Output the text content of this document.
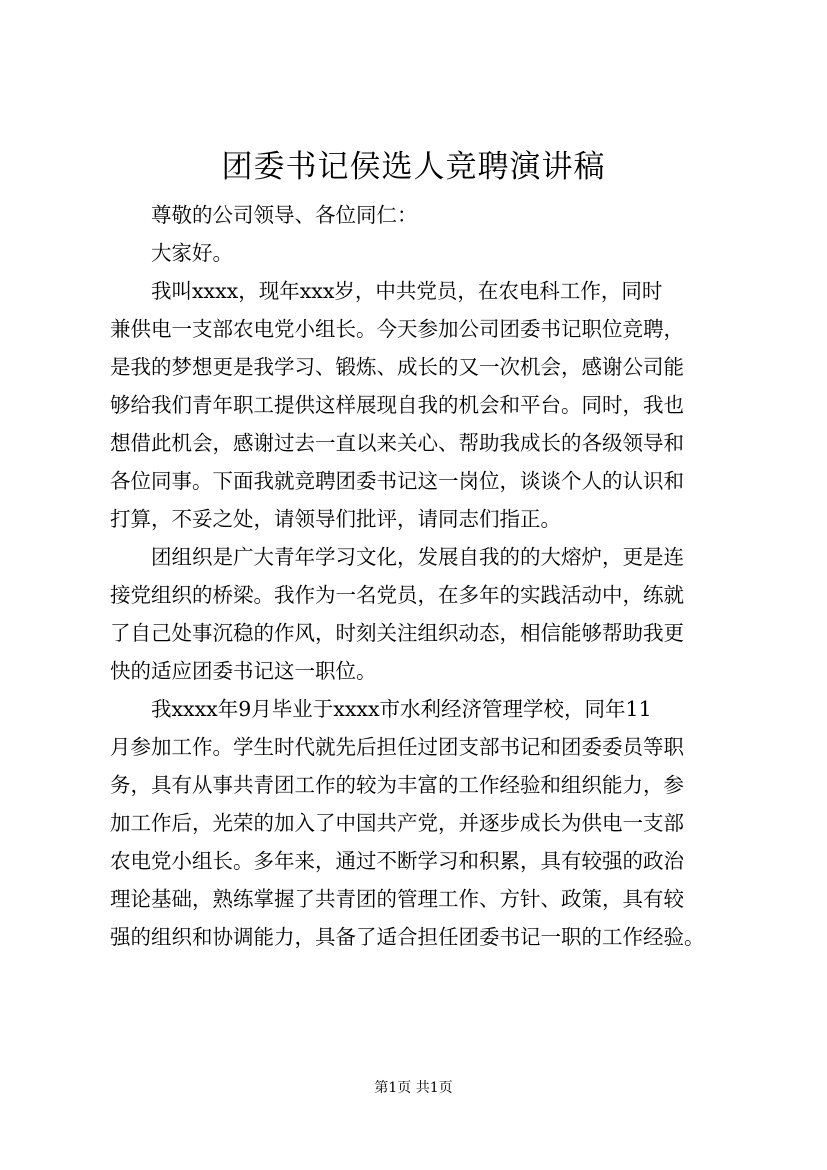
团委书记侯选人竞聘演讲稿
尊敬的公司领导、各位同仁：
大家好。
我叫xxxx，现年xxx岁，中共党员，在农电科工作，同时
兼供电一支部农电党小组长。今天参加公司团委书记职位竞聘，
是我的梦想更是我学习、锻炼、成长的又一次机会，感谢公司能
够给我们青年职工提供这样展现自我的机会和平台。同时，我也
想借此机会，感谢过去一直以来关心、帮助我成长的各级领导和
各位同事。下面我就竞聘团委书记这一岗位，谈谈个人的认识和
打算，不妥之处，请领导们批评，请同志们指正。
团组织是广大青年学习文化，发展自我的的大熔炉，更是连
接党组织的桥梁。我作为一名党员，在多年的实践活动中，练就
了自己处事沉稳的作风，时刻关注组织动态，相信能够帮助我更
快的适应团委书记这一职位。
我xxxx年9月毕业于xxxx市水利经济管理学校，同年11
月参加工作。学生时代就先后担任过团支部书记和团委委员等职
务，具有从事共青团工作的较为丰富的工作经验和组织能力，参
加工作后，光荣的加入了中国共产党，并逐步成长为供电一支部
农电党小组长。多年来，通过不断学习和积累，具有较强的政治
理论基础，熟练掌握了共青团的管理工作、方针、政策，具有较
强的组织和协调能力，具备了适合担任团委书记一职的工作经验。
第1页 共1页
